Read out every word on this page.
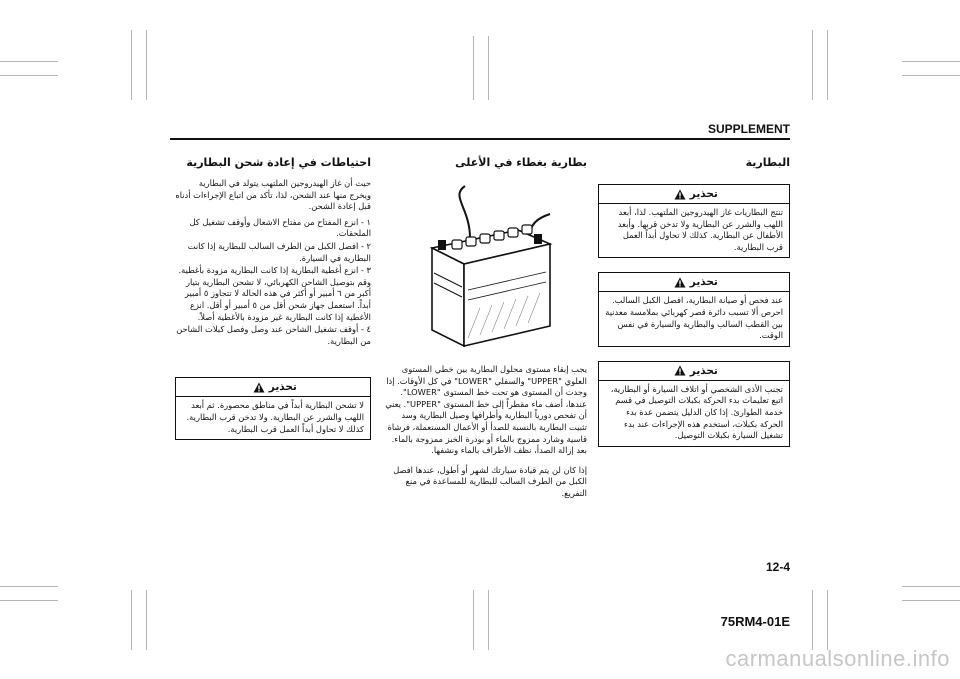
SUPPLEMENT
البطارية
تحذير

تنتج البطاريات غاز الهيدروجين الملتهب. لذا، أبعد اللهب والشرر عن البطارية ولا تدخن قربها. وأبعد الأطفال عن البطارية. كذلك لا تحاول أبداً العمل قرب البطارية.

تحذير

عند فحص أو صيانة البطارية، افصل الكبل السالب. احرص ألا تسبب دائرة قصر كهربائي بملامسة معدنية بين القطب السالب والبطارية والسيارة في نفس الوقت.

تحذير

تجنب الأذى الشخصي أو اتلاف السيارة أو البطارية، اتبع تعليمات بدء الحركة بكبلات التوصيل في قسم خدمة الطوارئ. إذا كان الدليل يتضمن عدة بدء الحركة بكبلات، استخدم هذه الإجراءات عند بدء تشغيل السيارة بكبلات التوصيل.

بطارية بغطاء في الأعلى

يجب إبقاء مستوى محلول البطارية بين خطي المستوى العلوي "UPPER" والسفلي "LOWER" في كل الأوقات. إذا وجدت أن المستوى هو تحت خط المستوى "LOWER". عندها، أضف ماء مقطراً إلى خط المستوى "UPPER". يعني أن تفحص دورياً البطارية وأطرافها وصيل البطارية وسد تثبيت البطارية بالنسبة للصدأ أو الأعمال المستعملة، فرشاة قاسية وشارد ممزوج بالماء أو بودرة الخبز ممزوجة بالماء. بعد إزالة الصدأ، نظف الأطراف بالماء ونشفها.

إذا كان لن يتم قيادة سيارتك لشهر أو أطول، عندها افصل الكبل من الطرف السالب للبطارية للمساعدة في منع التفريغ.

احتياطات في إعادة شحن البطارية

حيث أن غاز الهيدروجين الملتهب يتولد في البطارية ويخرج منها عند الشحن، لذا، تأكد من اتباع الإجراءات أدناه قبل إعادة الشحن.

١ - انزع المفتاح من مفتاح الاشعال وأوقف تشغيل كل الملحقات.
٢ - افصل الكبل من الطرف السالب للبطارية إذا كانت البطارية في السيارة.
٣ - انزع أغطية البطارية إذا كانت البطارية مزودة بأغطية. وقم بتوصيل الشاحن الكهربائي، لا تشحن البطارية بتيار أكبر من ٦ أمبير أو أكثر في هذه الحالة لا تتجاوز ٥ أمبير أبداً. استعمل جهاز شحن أقل من ٥ أمبير أو أقل. انزع الأغطية إذا كانت البطارية غير مزودة بالأغطية أصلاً.
٤ - أوقف تشغيل الشاحن عند وصل وفصل كبلات الشاحن من البطارية.
تحذير

لا تشحن البطارية أبداً في مناطق محصورة. ثم أبعد اللهب والشرر عن البطارية. ولا تدخن قرب البطارية. كذلك لا تحاول أبداً العمل قرب البطارية.

12-4
75RM4-01E
carmanualsonline.info
